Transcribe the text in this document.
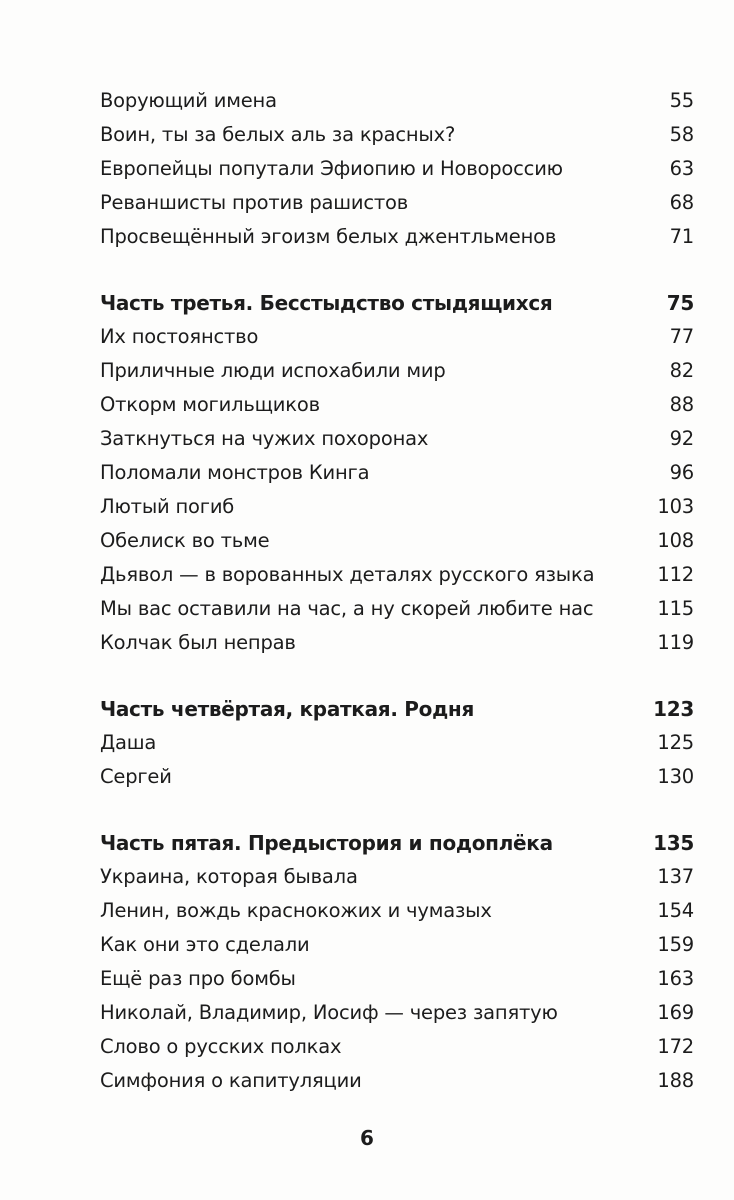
Ворующий имена	55
Воин, ты за белых аль за красных?	58
Европейцы попутали Эфиопию и Новороссию	63
Реваншисты против рашистов	68
Просвещённый эгоизм белых джентльменов	71
Часть третья. Бесстыдство стыдящихся	75
Их постоянство	77
Приличные люди испохабили мир	82
Откорм могильщиков	88
Заткнуться на чужих похоронах	92
Поломали монстров Кинга	96
Лютый погиб	103
Обелиск во тьме	108
Дьявол — в ворованных деталях русского языка	112
Мы вас оставили на час, а ну скорей любите нас	115
Колчак был неправ	119
Часть четвёртая, краткая. Родня	123
Даша	125
Сергей	130
Часть пятая. Предыстория и подоплёка	135
Украина, которая бывала	137
Ленин, вождь краснокожих и чумазых	154
Как они это сделали	159
Ещё раз про бомбы	163
Николай, Владимир, Иосиф — через запятую	169
Слово о русских полках	172
Симфония о капитуляции	188
6
